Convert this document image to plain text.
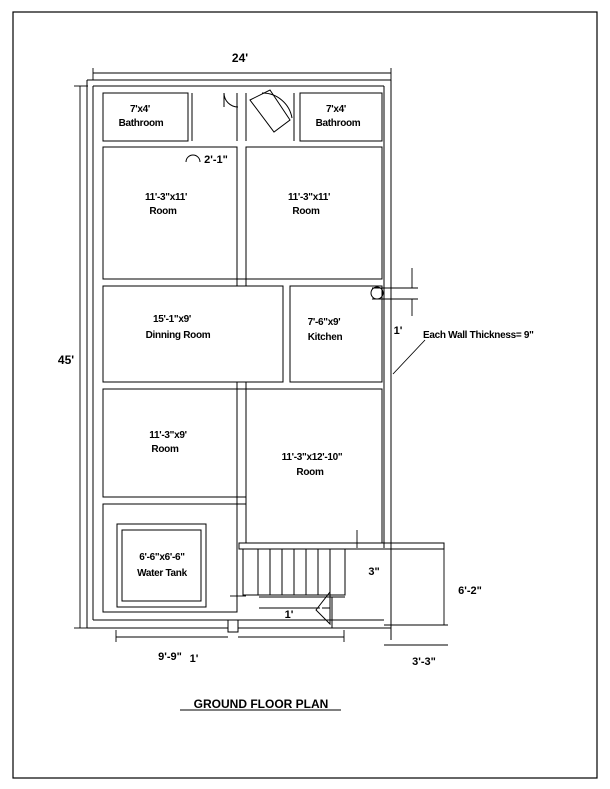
24'
45'
7'x4'
Bathroom
7'x4'
Bathroom
11'-3"x11'
Room
11'-3"x11'
Room
15'-1"x9'
Dinning Room
7'-6"x9'
Kitchen
11'-3"x9'
Room
11'-3"x12'-10"
Room
6'-6"x6'-6"
Water Tank
2'-1"
1' Each Wall Thickness= 9"
3"
6'-2"
1'
9'-9" 1'	3'-3"
GROUND FLOOR PLAN
